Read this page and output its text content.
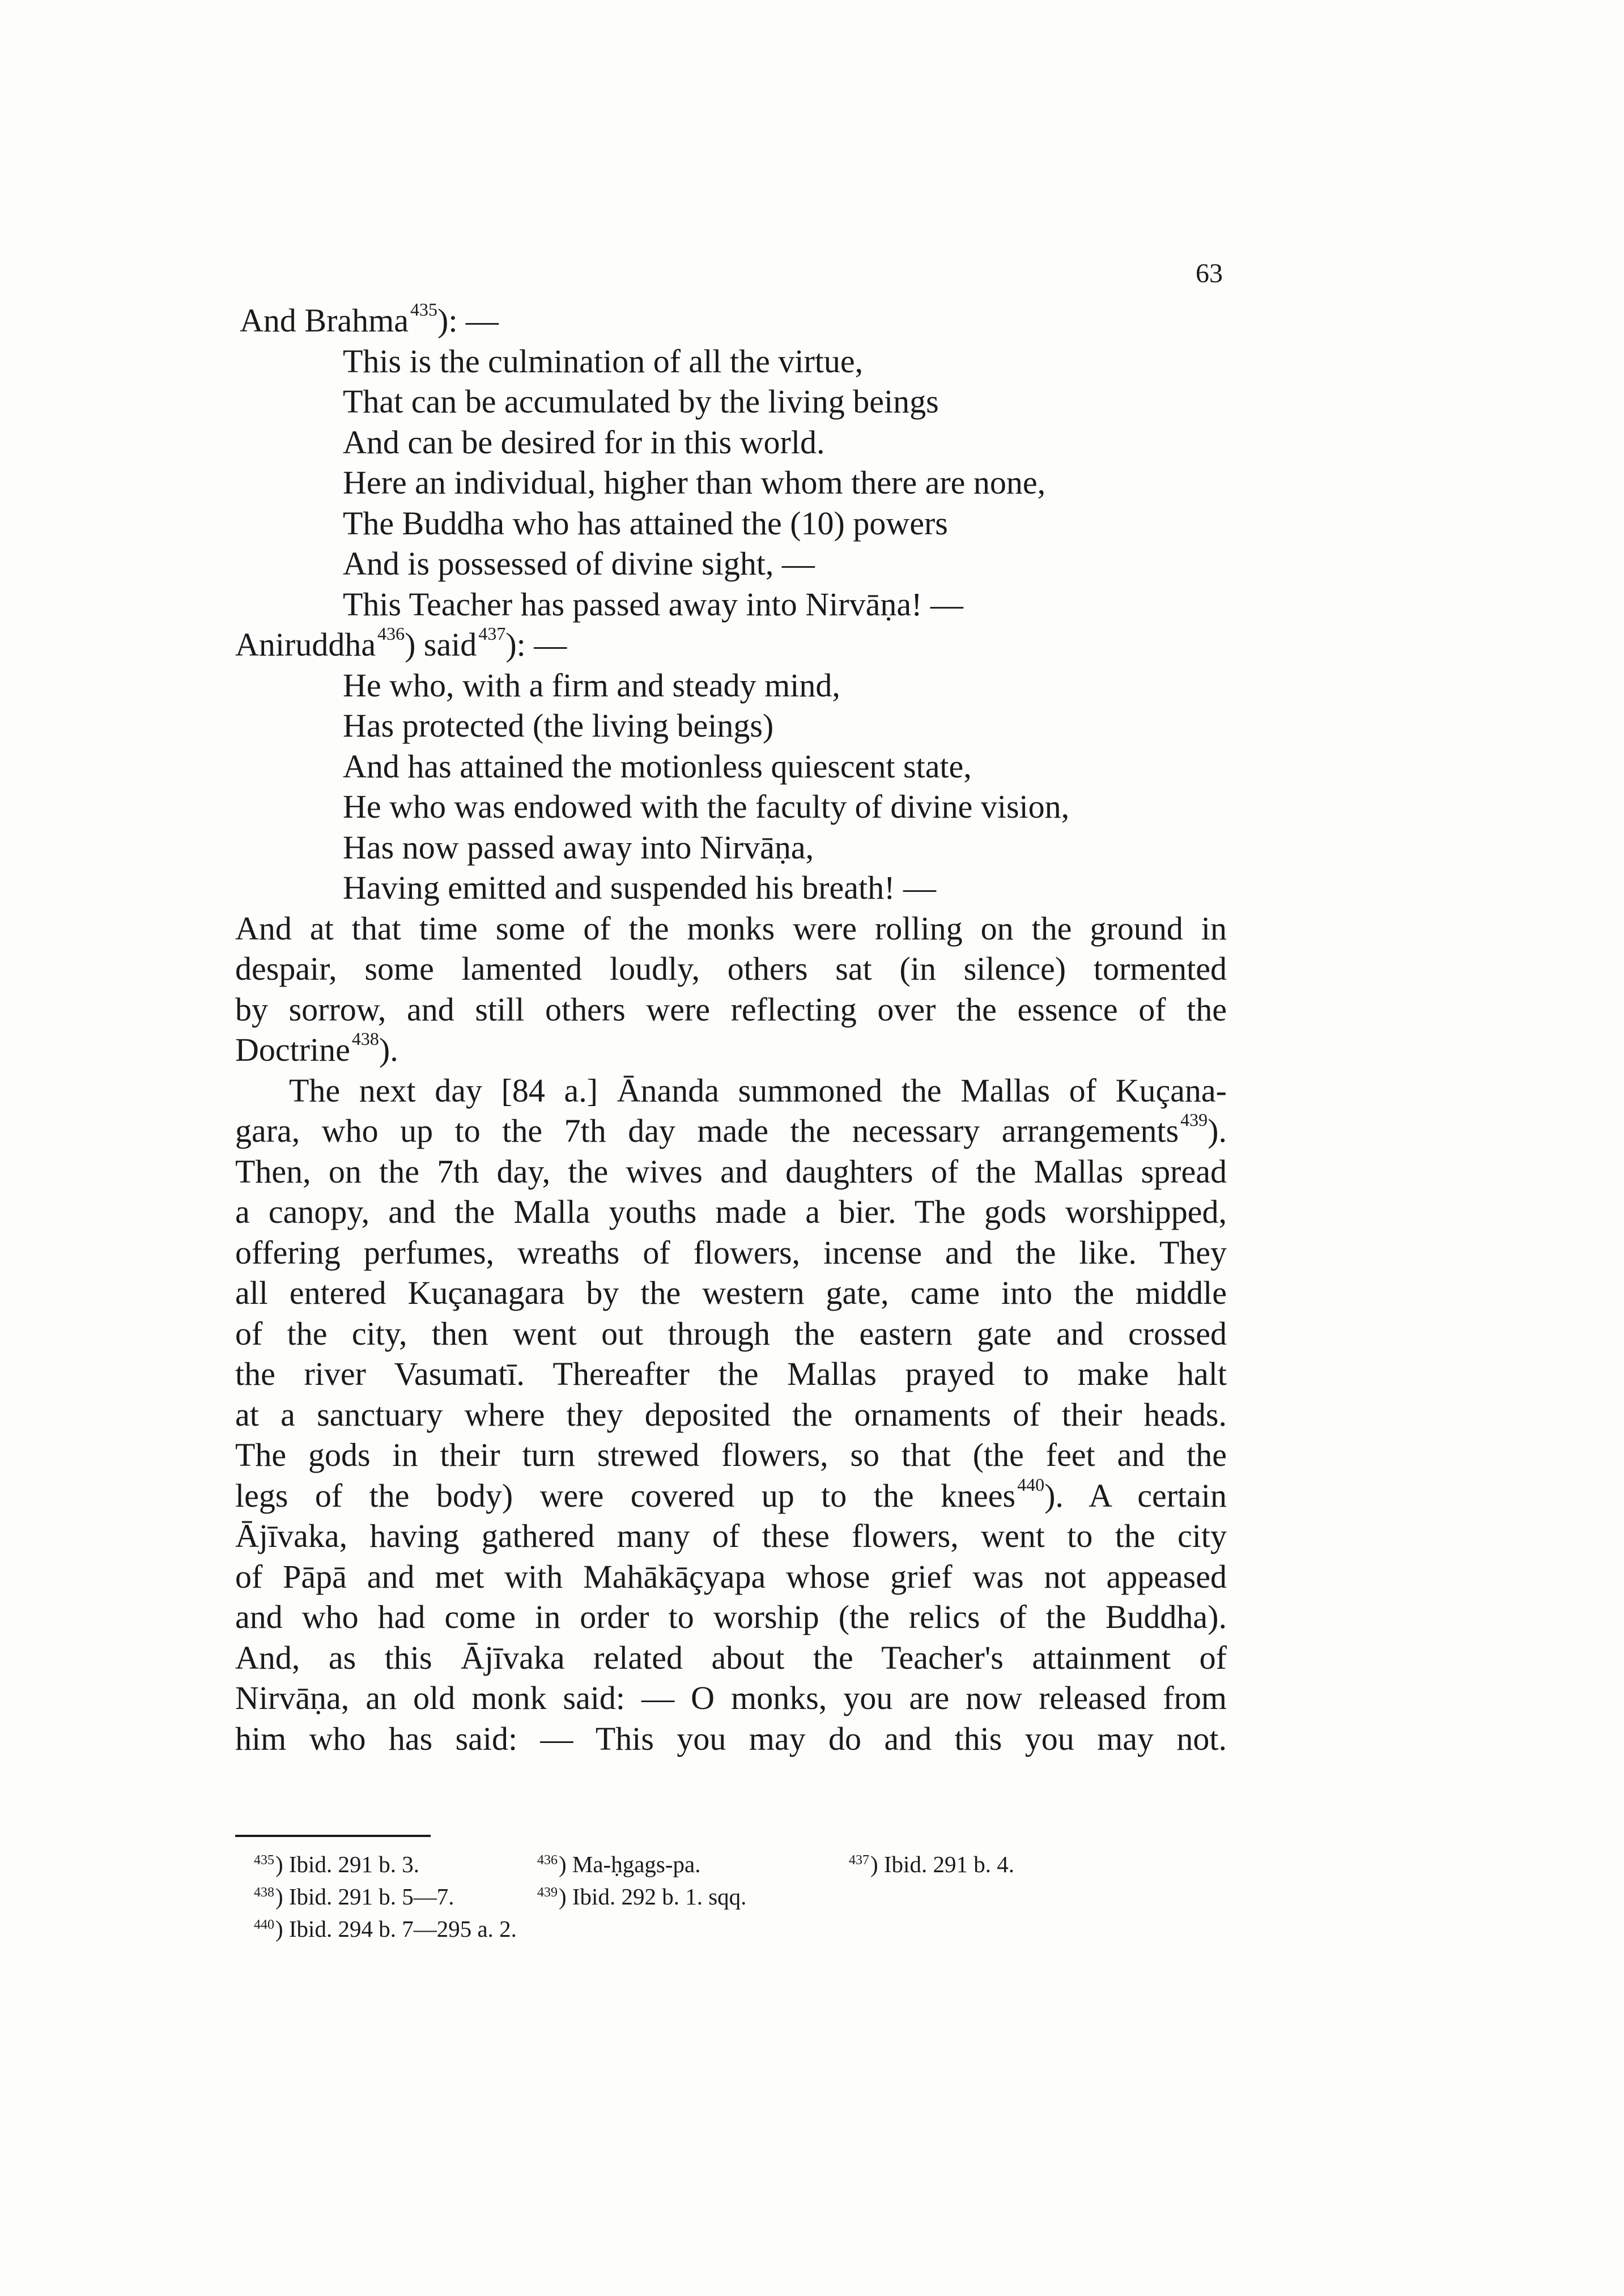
63
And Brahma$^{435}$): —
This is the culmination of all the virtue,
That can be accumulated by the living beings
And can be desired for in this world.
Here an individual, higher than whom there are none,
The Buddha who has attained the (10) powers
And is possessed of divine sight, —
This Teacher has passed away into Nirvāṇa! —
Aniruddha$^{436}$) said$^{437}$): —
He who, with a firm and steady mind,
Has protected (the living beings)
And has attained the motionless quiescent state,
He who was endowed with the faculty of divine vision,
Has now passed away into Nirvāṇa,
Having emitted and suspended his breath! —
And at that time some of the monks were rolling on the ground in
despair, some lamented loudly, others sat (in silence) tormented
by sorrow, and still others were reflecting over the essence of the
Doctrine$^{438}$).
The next day [84 a.] Ānanda summoned the Mallas of Kuçana-
gara, who up to the 7th day made the necessary arrangements$^{439}$).
Then, on the 7th day, the wives and daughters of the Mallas spread
a canopy, and the Malla youths made a bier. The gods worshipped,
offering perfumes, wreaths of flowers, incense and the like. They
all entered Kuçanagara by the western gate, came into the middle
of the city, then went out through the eastern gate and crossed
the river Vasumatī. Thereafter the Mallas prayed to make halt
at a sanctuary where they deposited the ornaments of their heads.
The gods in their turn strewed flowers, so that (the feet and the
legs of the body) were covered up to the knees$^{440}$). A certain
Ājīvaka, having gathered many of these flowers, went to the city
of Pāpā and met with Mahākāçyapa whose grief was not appeased
and who had come in order to worship (the relics of the Buddha).
And, as this Ājīvaka related about the Teacher's attainment of
Nirvāṇa, an old monk said: — O monks, you are now released from
him who has said: — This you may do and this you may not.
$^{435}$) Ibid. 291 b. 3.	$^{436}$) Ma-ḥgags-pa.	$^{437}$) Ibid. 291 b. 4.
$^{438}$) Ibid. 291 b. 5—7.	$^{439}$) Ibid. 292 b. 1. sqq.
$^{440}$) Ibid. 294 b. 7—295 a. 2.
